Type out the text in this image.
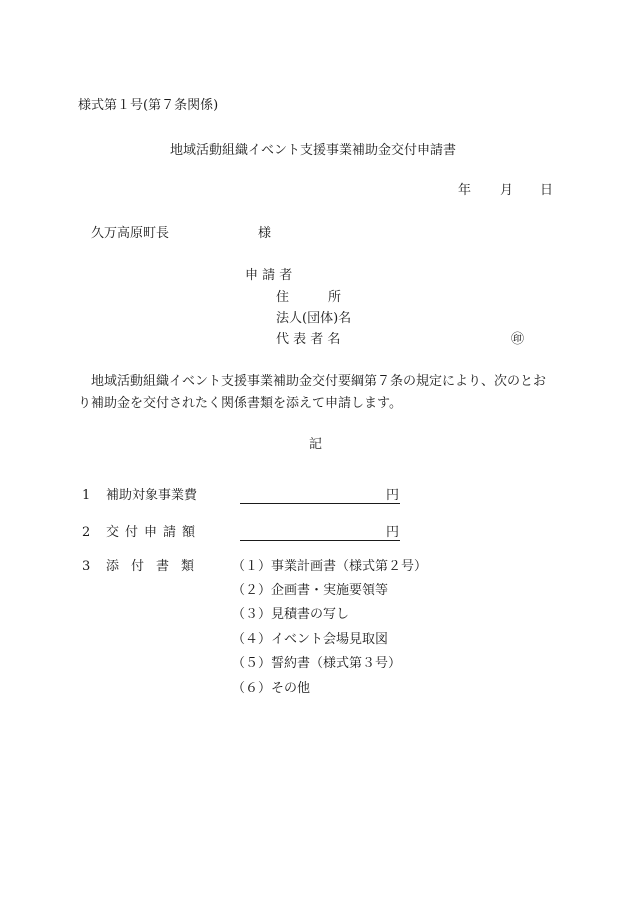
様式第１号(第７条関係)
地域活動組織イベント支援事業補助金交付申請書
年 月 日
久万高原町長	様
申 請 者
住　　　所
法人(団体)名
代 表 者 名	㊞
地域活動組織イベント支援事業補助金交付要綱第７条の規定により、次のとおり補助金を交付されたく関係書類を添えて申請します。
記
1 補助対象事業費	円
2 交付申請額	円
3 添付書類 （１）事業計画書（様式第２号）
（２）企画書・実施要領等
（３）見積書の写し
（４）イベント会場見取図
（５）誓約書（様式第３号）
（６）その他
